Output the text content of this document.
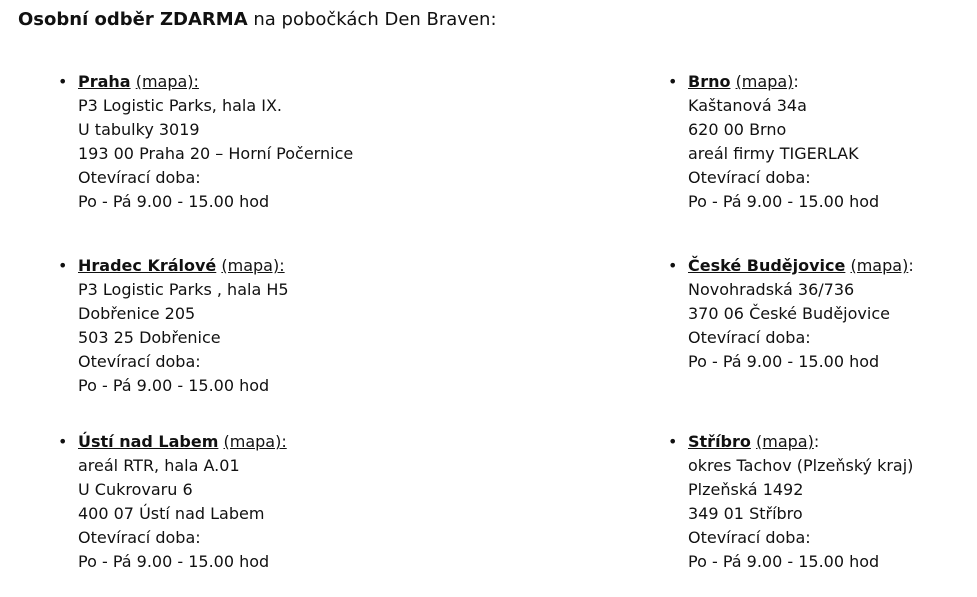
Osobní odběr ZDARMA na pobočkách Den Braven:
• Praha (mapa):
P3 Logistic Parks, hala IX.
U tabulky 3019
193 00 Praha 20 – Horní Počernice
Otevírací doba:
Po - Pá 9.00 - 15.00 hod
• Brno (mapa):
Kaštanová 34a
620 00 Brno
areál firmy TIGERLAK
Otevírací doba:
Po - Pá 9.00 - 15.00 hod
• Hradec Králové (mapa):
P3 Logistic Parks , hala H5
Dobřenice 205
503 25 Dobřenice
Otevírací doba:
Po - Pá 9.00 - 15.00 hod
• České Budějovice (mapa):
Novohradská 36/736
370 06 České Budějovice
Otevírací doba:
Po - Pá 9.00 - 15.00 hod
• Ústí nad Labem (mapa):
areál RTR, hala A.01
U Cukrovaru 6
400 07 Ústí nad Labem
Otevírací doba:
Po - Pá 9.00 - 15.00 hod
• Stříbro (mapa):
okres Tachov (Plzeňský kraj)
Plzeňská 1492
349 01 Stříbro
Otevírací doba:
Po - Pá 9.00 - 15.00 hod
